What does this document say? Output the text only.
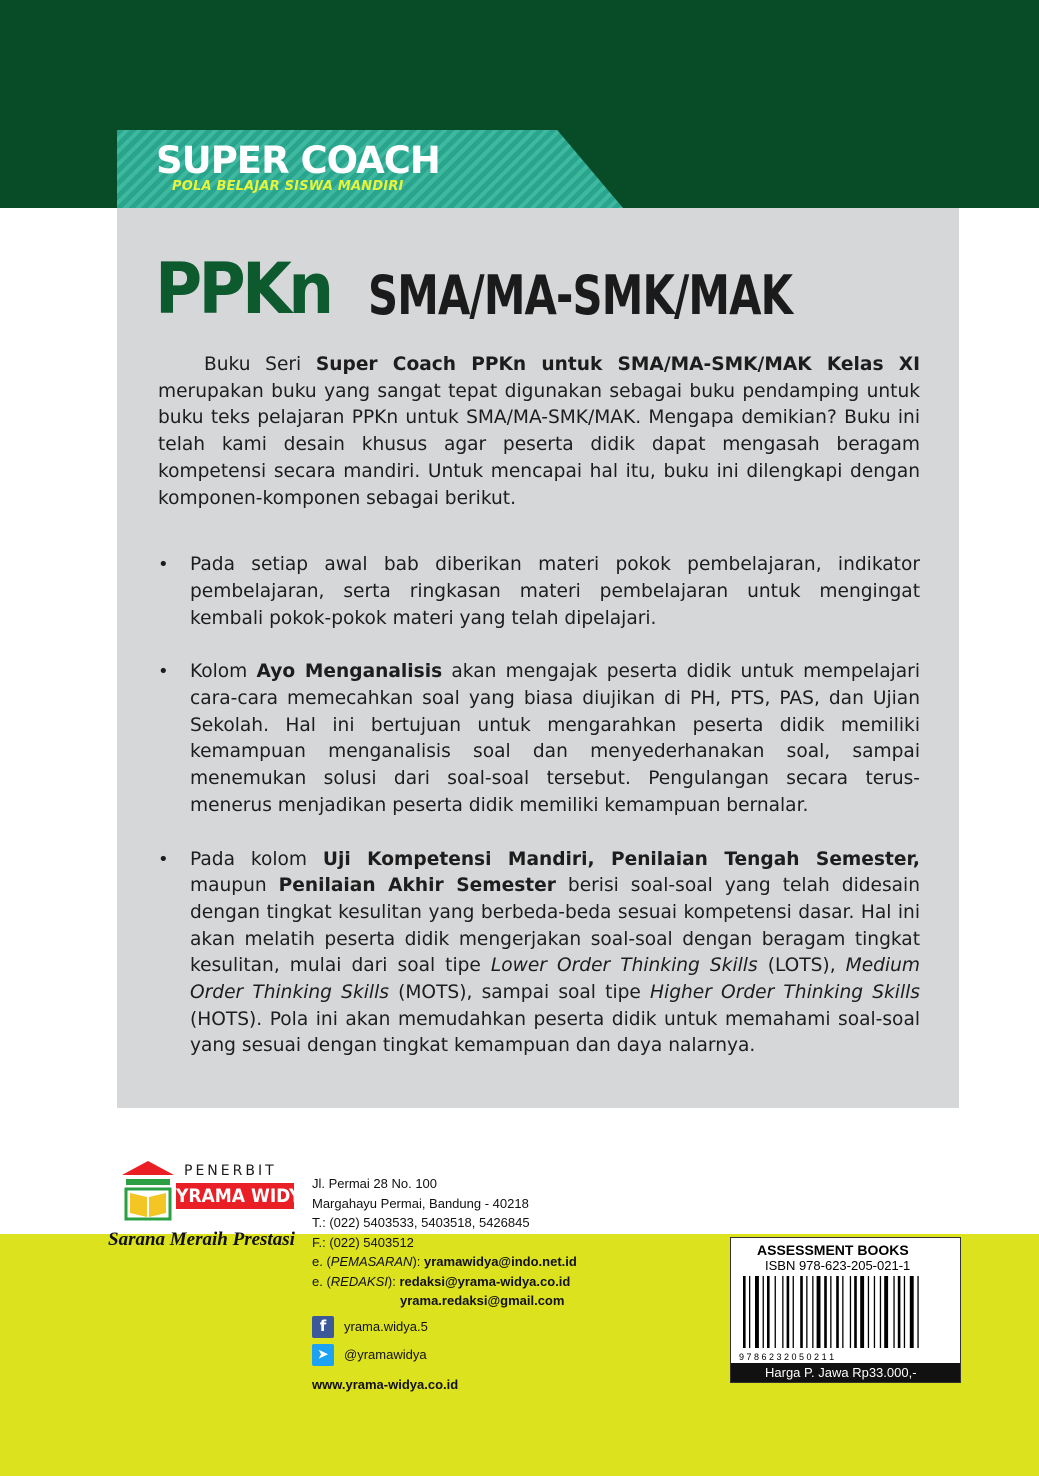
SUPER COACH
POLA BELAJAR SISWA MANDIRI
PPKn SMA/MA-SMK/MAK

Buku Seri Super Coach PPKn untuk SMA/MA-SMK/MAK Kelas XI merupakan buku yang sangat tepat digunakan sebagai buku pendamping untuk buku teks pelajaran PPKn untuk SMA/MA-SMK/MAK. Mengapa demikian? Buku ini telah kami desain khusus agar peserta didik dapat mengasah beragam kompetensi secara mandiri. Untuk mencapai hal itu, buku ini dilengkapi dengan komponen-komponen sebagai berikut.

• Pada setiap awal bab diberikan materi pokok pembelajaran, indikator pembelajaran, serta ringkasan materi pembelajaran untuk mengingat kembali pokok-pokok materi yang telah dipelajari.
• Kolom Ayo Menganalisis akan mengajak peserta didik untuk mempelajari cara-cara memecahkan soal yang biasa diujikan di PH, PTS, PAS, dan Ujian Sekolah. Hal ini bertujuan untuk mengarahkan peserta didik memiliki kemampuan menganalisis soal dan menyederhanakan soal, sampai menemukan solusi dari soal-soal tersebut. Pengulangan secara terus-menerus menjadikan peserta didik memiliki kemampuan bernalar.
• Pada kolom Uji Kompetensi Mandiri, Penilaian Tengah Semester, maupun Penilaian Akhir Semester berisi soal-soal yang telah didesain dengan tingkat kesulitan yang berbeda-beda sesuai kompetensi dasar. Hal ini akan melatih peserta didik mengerjakan soal-soal dengan beragam tingkat kesulitan, mulai dari soal tipe Lower Order Thinking Skills (LOTS), Medium Order Thinking Skills (MOTS), sampai soal tipe Higher Order Thinking Skills (HOTS). Pola ini akan memudahkan peserta didik untuk memahami soal-soal yang sesuai dengan tingkat kemampuan dan daya nalarnya.
PENERBIT
YRAMA WIDYA
Sarana Meraih Prestasi
Jl. Permai 28 No. 100
Margahayu Permai, Bandung - 40218
T.: (022) 5403533, 5403518, 5426845
F.: (022) 5403512
e. (PEMASARAN): yramawidya@indo.net.id
e. (REDAKSI): redaksi@yrama-widya.co.id
yrama.redaksi@gmail.com
f	yrama.widya.5
➤	@yramawidya
www.yrama-widya.co.id
ASSESSMENT BOOKS
ISBN 978-623-205-021-1
9 7 8 6 2 3 2 0 5 0 2 1 1
Harga P. Jawa Rp33.000,-
